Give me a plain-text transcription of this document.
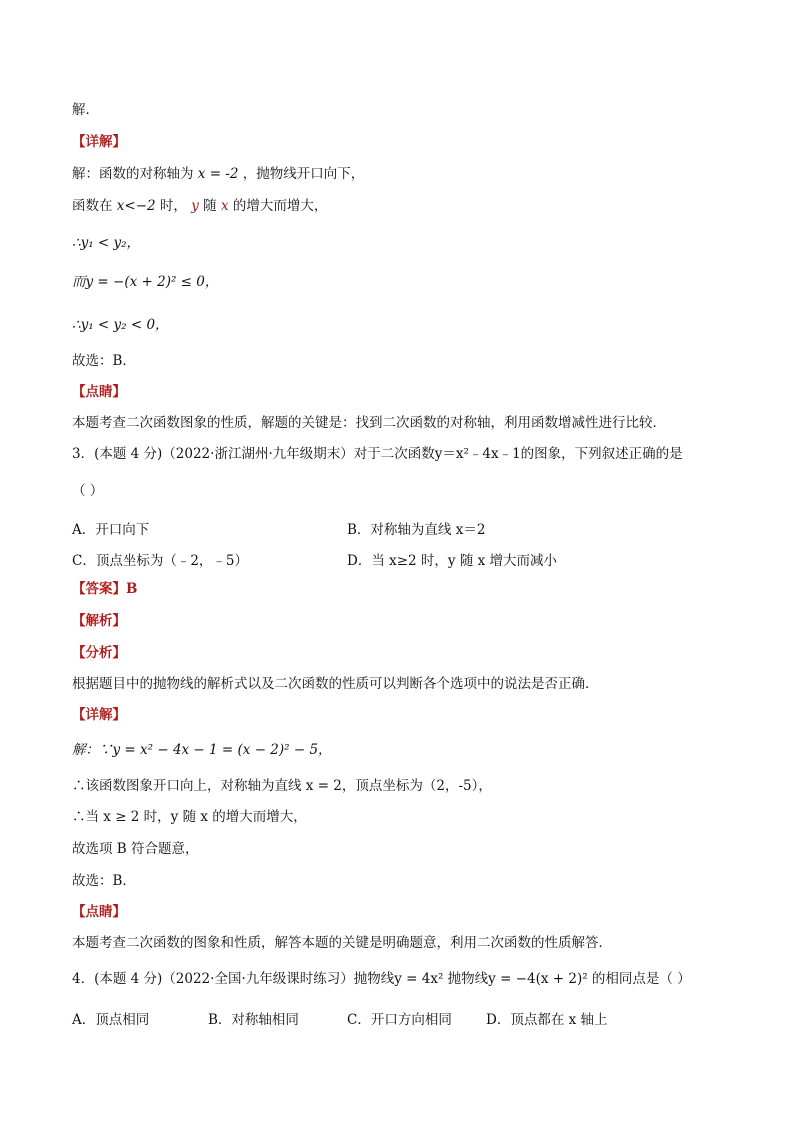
解．
【详解】
解：函数的对称轴为 x = -2 ，抛物线开口向下，
函数在 x<−2 时， y 随 x 的增大而增大，
∴y₁ < y₂，
而y = −(x + 2)² ≤ 0，
∴y₁ < y₂ < 0，
故选：B．
【点睛】
本题考查二次函数图象的性质，解题的关键是：找到二次函数的对称轴，利用函数增减性进行比较．
3．(本题 4 分)（2022·浙江湖州·九年级期末）对于二次函数y＝x²﹣4x﹣1的图象，下列叙述正确的是
（ ）
A．开口向下	B．对称轴为直线 x＝2
C．顶点坐标为（﹣2，﹣5）	D．当 x≥2 时，y 随 x 增大而减小
【答案】B
【解析】
【分析】
根据题目中的抛物线的解析式以及二次函数的性质可以判断各个选项中的说法是否正确．
【详解】
解：∵y = x² − 4x − 1 = (x − 2)² − 5，
∴该函数图象开口向上，对称轴为直线 x = 2，顶点坐标为（2，-5），
∴当 x ≥ 2 时，y 随 x 的增大而增大，
故选项 B 符合题意，
故选：B．
【点睛】
本题考查二次函数的图象和性质，解答本题的关键是明确题意，利用二次函数的性质解答．
4．(本题 4 分)（2022·全国·九年级课时练习）抛物线y = 4x² 抛物线y = −4(x + 2)² 的相同点是（ ）
A．顶点相同	B．对称轴相同	C．开口方向相同	D．顶点都在 x 轴上
